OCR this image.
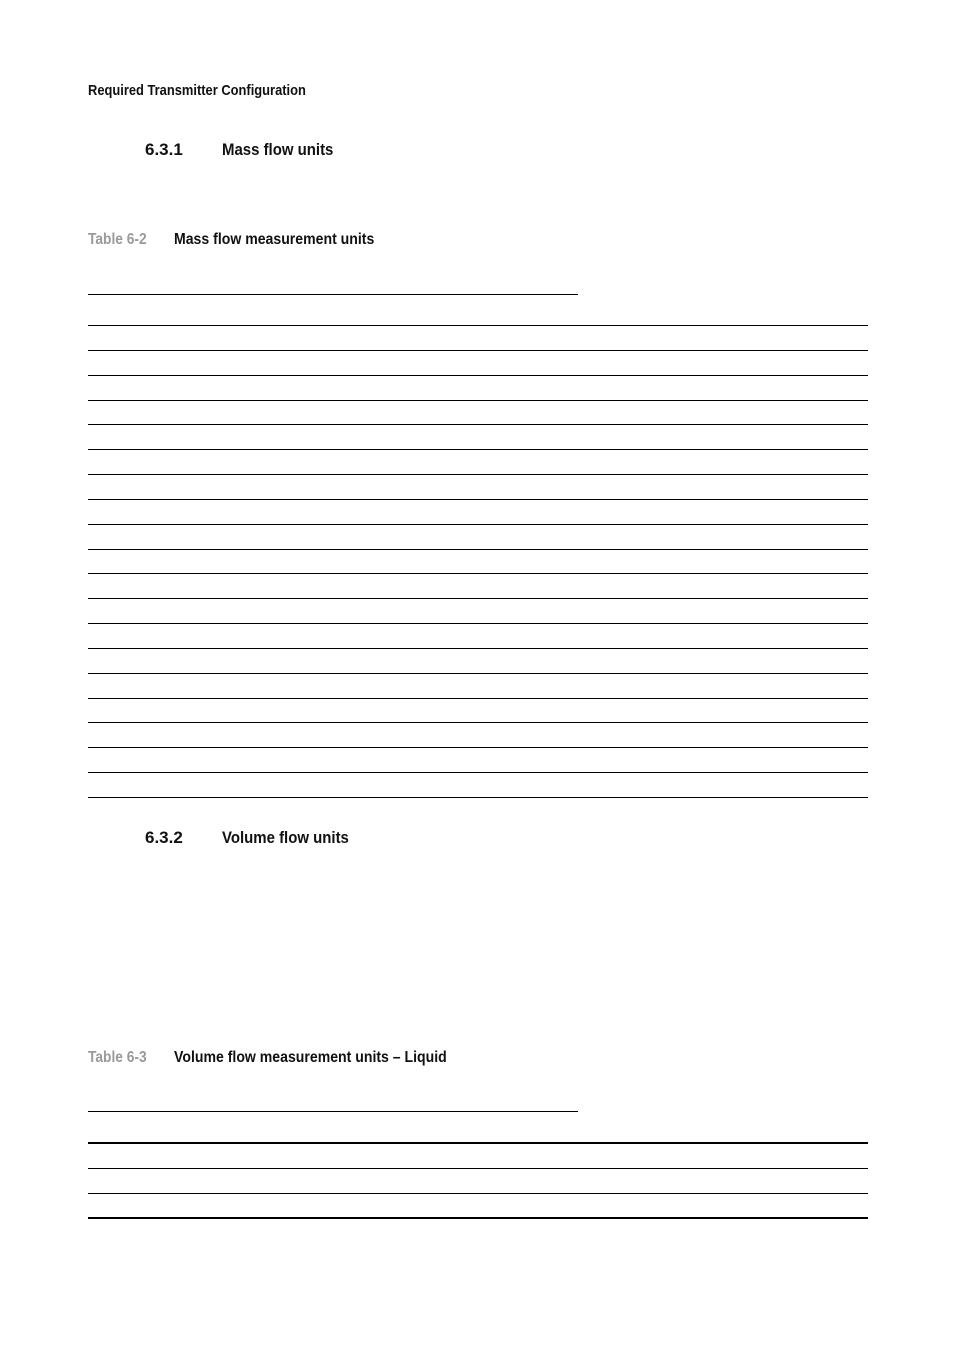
Required Transmitter Configuration
6.3.1 Mass flow units
Table 6-2 Mass flow measurement units
6.3.2 Volume flow units
Table 6-3 Volume flow measurement units – Liquid
